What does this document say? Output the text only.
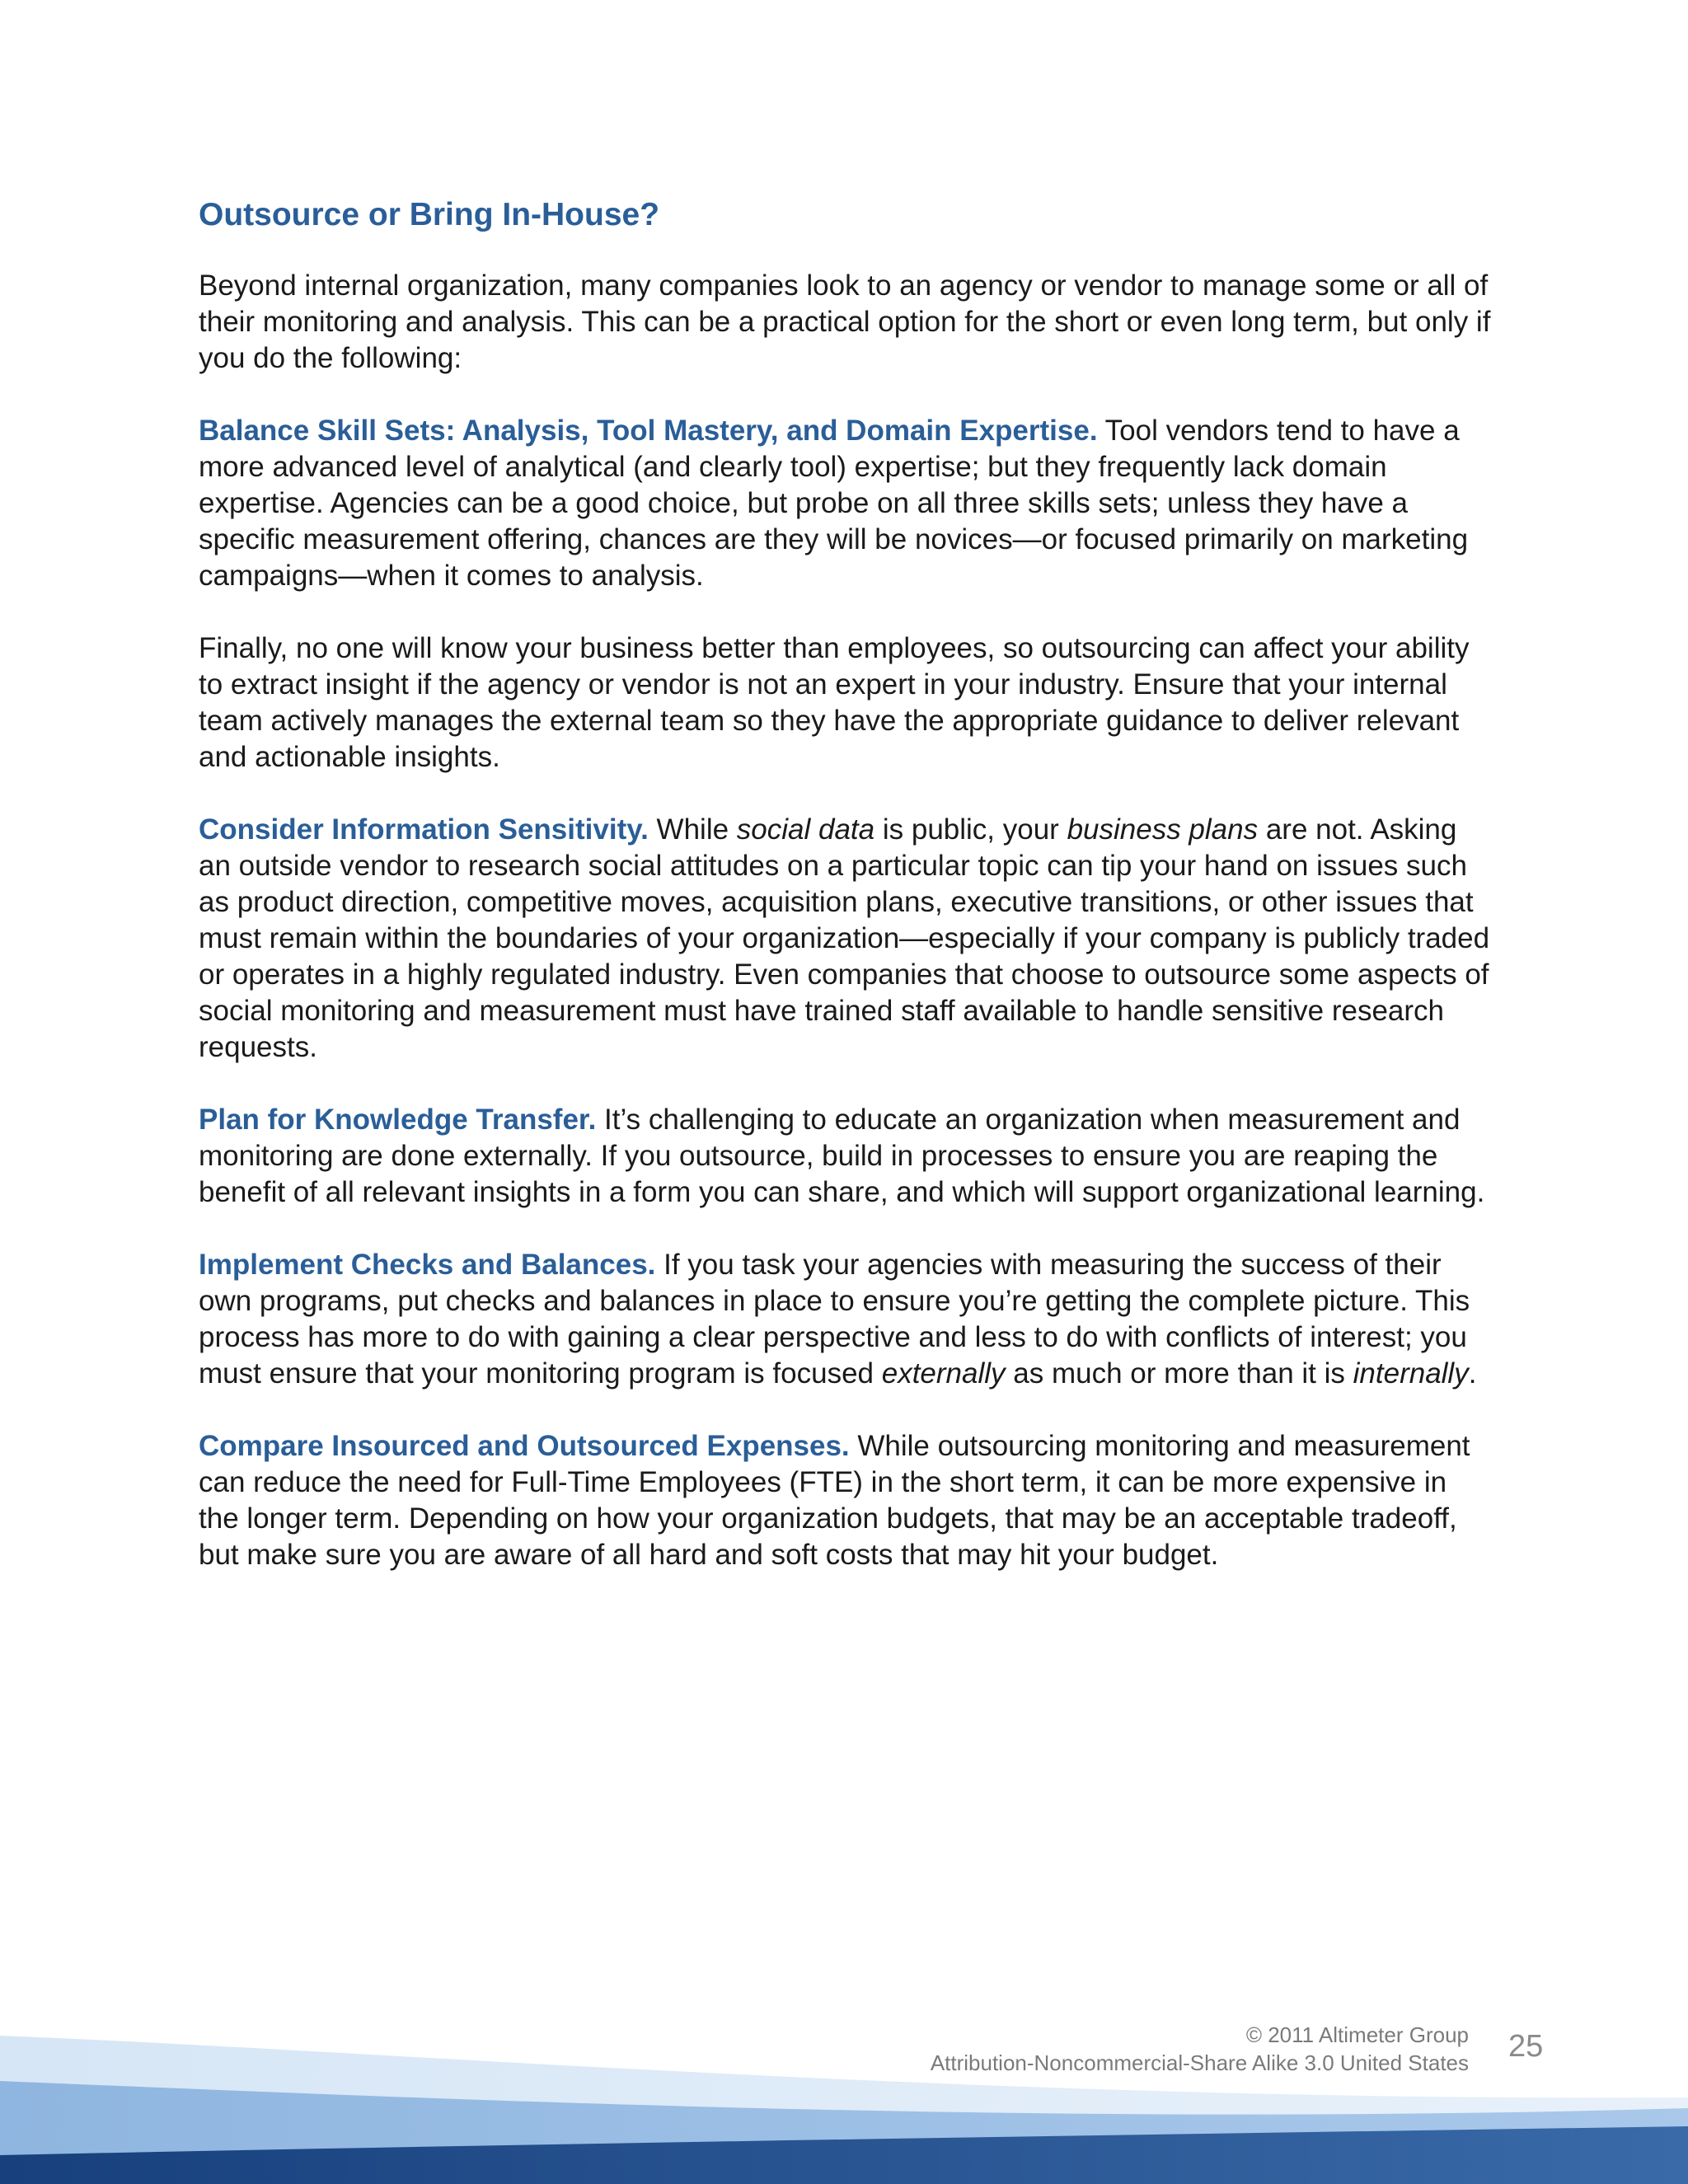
Outsource or Bring In-House?

Beyond internal organization, many companies look to an agency or vendor to manage some or all of their monitoring and analysis. This can be a practical option for the short or even long term, but only if you do the following:

Balance Skill Sets: Analysis, Tool Mastery, and Domain Expertise. Tool vendors tend to have a more advanced level of analytical (and clearly tool) expertise; but they frequently lack domain expertise. Agencies can be a good choice, but probe on all three skills sets; unless they have a specific measurement offering, chances are they will be novices—or focused primarily on marketing campaigns—when it comes to analysis.

Finally, no one will know your business better than employees, so outsourcing can affect your ability to extract insight if the agency or vendor is not an expert in your industry. Ensure that your internal team actively manages the external team so they have the appropriate guidance to deliver relevant and actionable insights.

Consider Information Sensitivity. While social data is public, your business plans are not. Asking an outside vendor to research social attitudes on a particular topic can tip your hand on issues such as product direction, competitive moves, acquisition plans, executive transitions, or other issues that must remain within the boundaries of your organization—especially if your company is publicly traded or operates in a highly regulated industry. Even companies that choose to outsource some aspects of social monitoring and measurement must have trained staff available to handle sensitive research requests.

Plan for Knowledge Transfer. It’s challenging to educate an organization when measurement and monitoring are done externally. If you outsource, build in processes to ensure you are reaping the benefit of all relevant insights in a form you can share, and which will support organizational learning.

Implement Checks and Balances. If you task your agencies with measuring the success of their own programs, put checks and balances in place to ensure you’re getting the complete picture. This process has more to do with gaining a clear perspective and less to do with conflicts of interest; you must ensure that your monitoring program is focused externally as much or more than it is internally.

Compare Insourced and Outsourced Expenses. While outsourcing monitoring and measurement can reduce the need for Full-Time Employees (FTE) in the short term, it can be more expensive in the longer term. Depending on how your organization budgets, that may be an acceptable tradeoff, but make sure you are aware of all hard and soft costs that may hit your budget.

© 2011 Altimeter Group
Attribution-Noncommercial-Share Alike 3.0 United States 25
